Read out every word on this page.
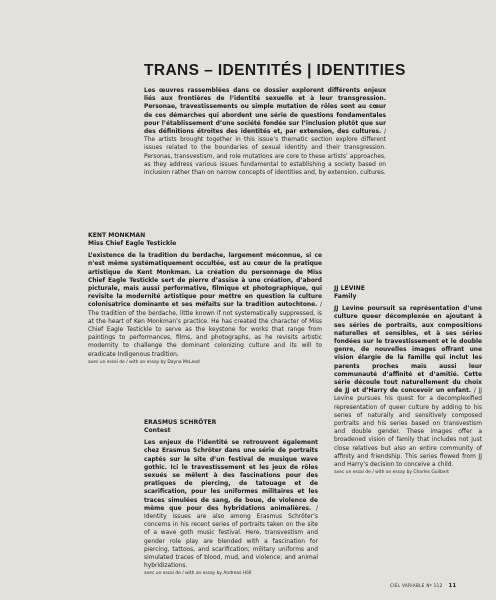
TRANS – IDENTITÉS | IDENTITIES

Les œuvres rassemblées dans ce dossier explorent différents enjeux liés aux frontières de l’identité sexuelle et à leur transgression. Personae, travestissements ou simple mutation de rôles sont au cœur de ces démarches qui abordent une série de questions fondamentales pour l’établissement d’une société fondée sur l’inclusion plutôt que sur des définitions étroites des identités et, par extension, des cultures. / The artists brought together in this issue’s thematic section explore different issues related to the boundaries of sexual identity and their transgression. Personas, transvestism, and role mutations are core to these artists’ approaches, as they address various issues fundamental to establishing a society based on inclusion rather than on narrow concepts of identities and, by extension, cultures.

KENT MONKMAN
Miss Chief Eagle Testickle

L’existence de la tradition du berdache, largement méconnue, si ce n’est même systématiquement occultée, est au cœur de la pratique artistique de Kent Monkman. La création du personnage de Miss Chief Eagle Testickle sert de pierre d’assise à une création, d’abord picturale, mais aussi performative, filmique et photographique, qui revisite la modernité artistique pour mettre en question la culture colonisatrice dominante et ses méfaits sur la tradition autochtone. / The tradition of the berdache, little known if not systematically suppressed, is at the heart of Ken Monkman’s practice. He has created the character of Miss Chief Eagle Testickle to serve as the keystone for works that range from paintings to performances, films, and photographs, as he revisits artistic modernity to challenge the dominant colonizing culture and its will to eradicate Indigenous tradition.

avec un essai de / with an essay by Dayna McLeod
JJ LEVINE
Family

JJ Levine poursuit sa représentation d’une culture queer décomplexée en ajoutant à ses séries de portraits, aux compositions naturelles et sensibles, et à ses séries fondées sur le travestissement et le double genre, de nouvelles images offrant une vision élargie de la famille qui inclut les parents proches mais aussi leur communauté d’affinité et d’amitié. Cette série découle tout naturellement du choix de JJ et d’Harry de concevoir un enfant. / JJ Levine pursues his quest for a decomplexified representation of queer culture by adding to his series of naturally and sensitively composed portraits and his series based on transvestism and double gender. These images offer a broadened vision of family that includes not just close relatives but also an entire community of affinity and friendship. This series flowed from JJ and Harry’s decision to conceive a child.

avec un essai de / with an essay by Charles Guilbert
ERASMUS SCHRÖTER
Contest

Les enjeux de l’identité se retrouvent également chez Erasmus Schröter dans une série de portraits captés sur le site d’un festival de musique wave gothic. Ici le travestissement et les jeux de rôles sexués se mêlent à des fascinations pour des pratiques de piercing, de tatouage et de scarification, pour les uniformes militaires et les traces simulées de sang, de boue, de violence de même que pour des hybridations animalières. / Identity issues are also among Erasmus Schröter’s concerns in his recent series of portraits taken on the site of a wave goth music festival. Here, transvestism and gender role play are blended with a fascination for piercing, tattoos, and scarification; military uniforms and simulated traces of blood, mud, and violence; and animal hybridizations.

avec un essai de / with an essay by Andreas Höll
CIEL VARIABLE Nº 112 11
